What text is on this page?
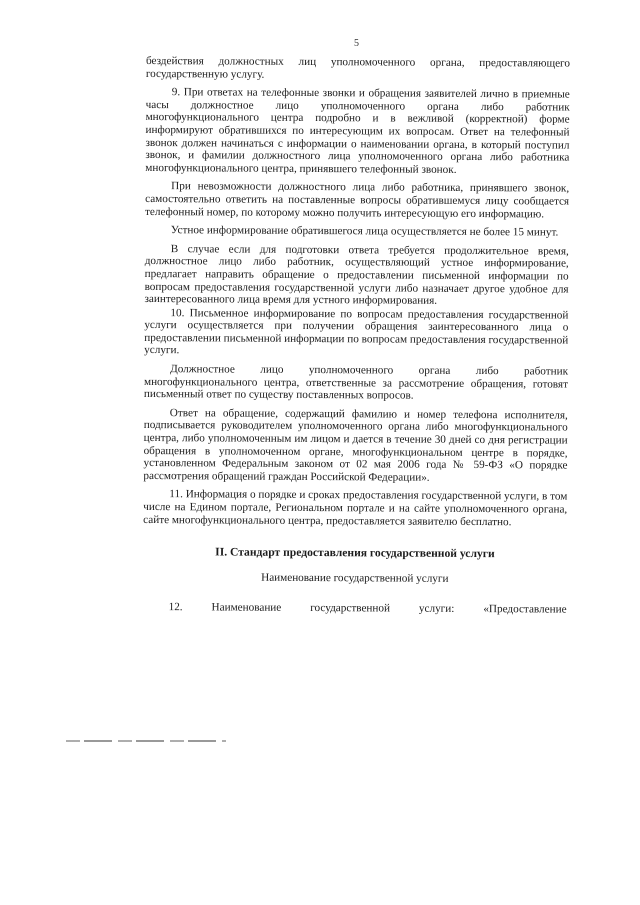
5

бездействия должностных лиц уполномоченного органа, предоставляющего государственную услугу.

9. При ответах на телефонные звонки и обращения заявителей лично в приемные часы должностное лицо уполномоченного органа либо работник многофункционального центра подробно и в вежливой (корректной) форме информируют обратившихся по интересующим их вопросам. Ответ на телефонный звонок должен начинаться с информации о наименовании органа, в который поступил звонок, и фамилии должностного лица уполномоченного органа либо работника многофункционального центра, принявшего телефонный звонок.

При невозможности должностного лица либо работника, принявшего звонок, самостоятельно ответить на поставленные вопросы обратившемуся лицу сообщается телефонный номер, по которому можно получить интересующую его информацию.

Устное информирование обратившегося лица осуществляется не более 15 минут.

В случае если для подготовки ответа требуется продолжительное время, должностное лицо либо работник, осуществляющий устное информирование, предлагает направить обращение о предоставлении письменной информации по вопросам предоставления государственной услуги либо назначает другое удобное для заинтересованного лица время для устного информирования.

10. Письменное информирование по вопросам предоставления государственной услуги осуществляется при получении обращения заинтересованного лица о предоставлении письменной информации по вопросам предоставления государственной услуги.

Должностное лицо уполномоченного органа либо работник многофункционального центра, ответственные за рассмотрение обращения, готовят письменный ответ по существу поставленных вопросов.

Ответ на обращение, содержащий фамилию и номер телефона исполнителя, подписывается руководителем уполномоченного органа либо многофункционального центра, либо уполномоченным им лицом и дается в течение 30 дней со дня регистрации обращения в уполномоченном органе, многофункциональном центре в порядке, установленном Федеральным законом от 02 мая 2006 года № 59-ФЗ «О порядке рассмотрения обращений граждан Российской Федерации».

11. Информация о порядке и сроках предоставления государственной услуги, в том числе на Едином портале, Региональном портале и на сайте уполномоченного органа, сайте многофункционального центра, предоставляется заявителю бесплатно.

II. Стандарт предоставления государственной услуги
Наименование государственной услуги
12.	Наименование	государственной	услуги:	«Предоставление
